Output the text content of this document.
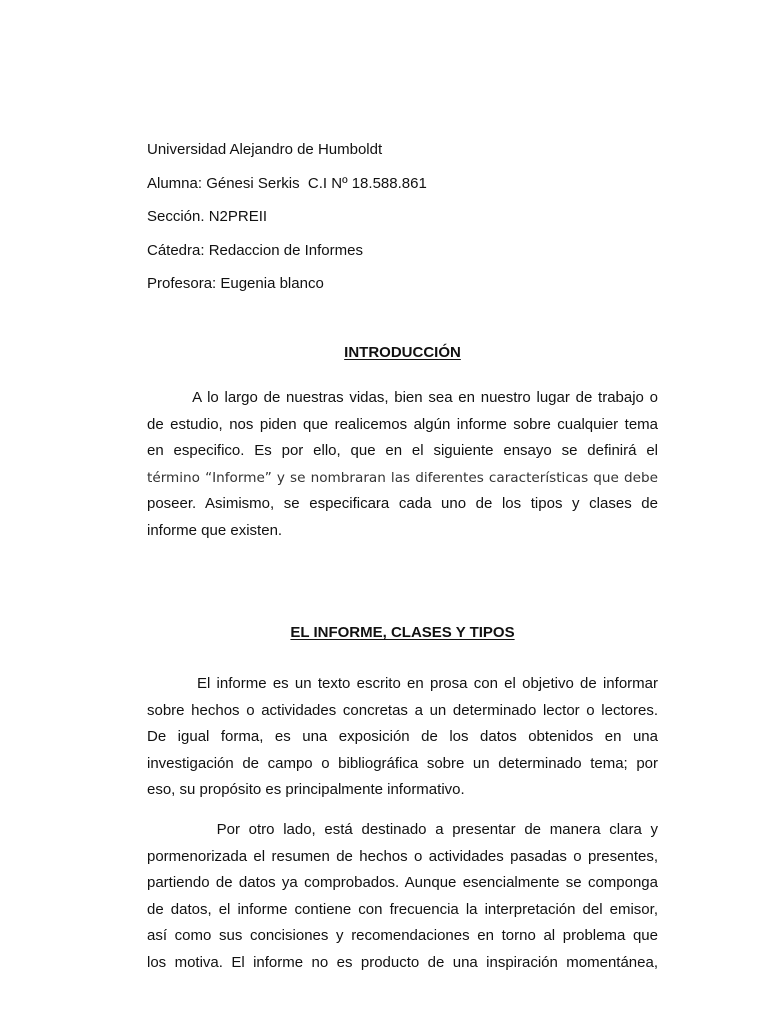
Universidad Alejandro de Humboldt
Alumna: Génesi Serkis  C.I Nº 18.588.861
Sección. N2PREII
Cátedra: Redaccion de Informes
Profesora: Eugenia blanco
INTRODUCCIÓN
A lo largo de nuestras vidas, bien sea en nuestro lugar de trabajo o
de estudio, nos piden que realicemos algún informe sobre cualquier tema
en especifico. Es por ello, que en el siguiente ensayo se definirá el
término “Informe” y se nombraran las diferentes características que debe
poseer. Asimismo, se especificara cada uno de los tipos y clases de
informe que existen.
EL INFORME, CLASES Y TIPOS
El informe es un texto escrito en prosa con el objetivo de informar
sobre hechos o actividades concretas a un determinado lector o lectores.
De igual forma, es una exposición de los datos obtenidos en una
investigación de campo o bibliográfica sobre un determinado tema; por
eso, su propósito es principalmente informativo.
Por otro lado, está destinado a presentar de manera clara y
pormenorizada el resumen de hechos o actividades pasadas o presentes,
partiendo de datos ya comprobados. Aunque esencialmente se componga
de datos, el informe contiene con frecuencia la interpretación del emisor,
así como sus concisiones y recomendaciones en torno al problema que
los motiva. El informe no es producto de una inspiración momentánea,
